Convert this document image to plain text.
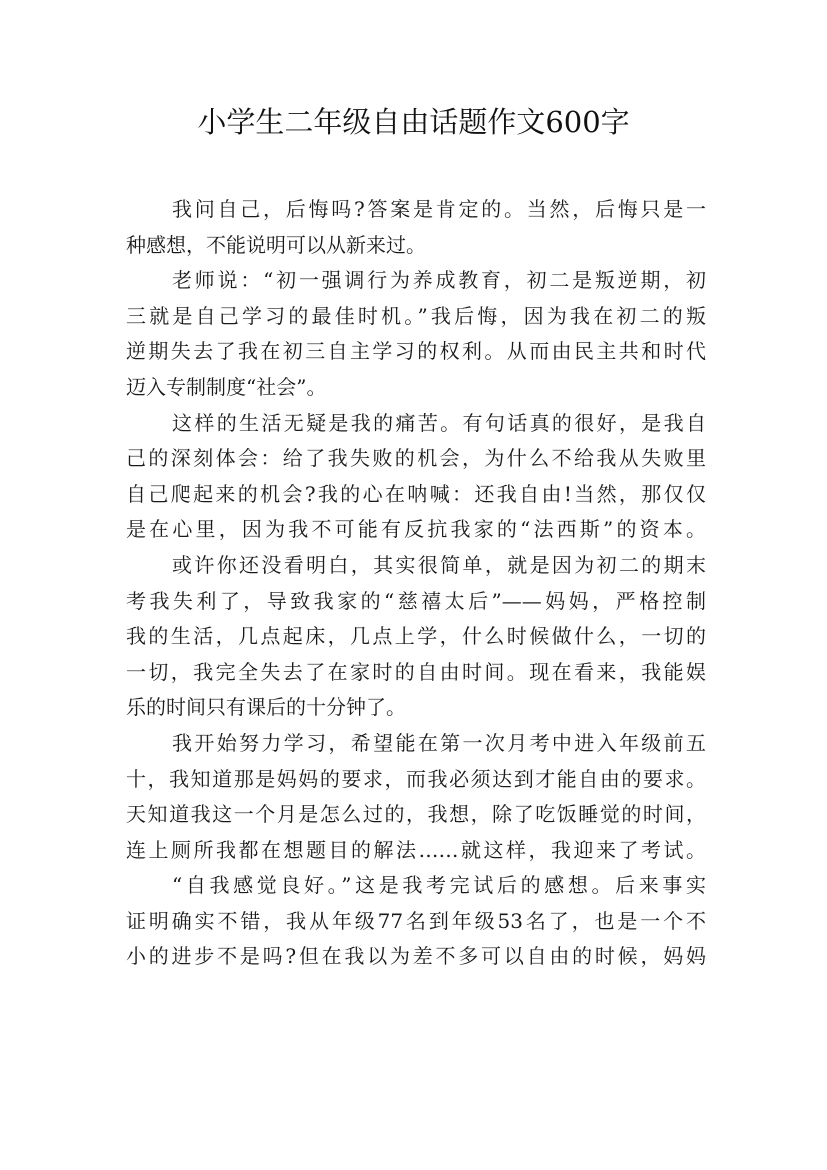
小学生二年级自由话题作文600字
我问自己，后悔吗?答案是肯定的。当然，后悔只是一
种感想，不能说明可以从新来过。
老师说：“初一强调行为养成教育，初二是叛逆期，初
三就是自己学习的最佳时机。”我后悔，因为我在初二的叛
逆期失去了我在初三自主学习的权利。从而由民主共和时代
迈入专制制度“社会”。
这样的生活无疑是我的痛苦。有句话真的很好，是我自
己的深刻体会：给了我失败的机会，为什么不给我从失败里
自己爬起来的机会?我的心在呐喊：还我自由!当然，那仅仅
是在心里，因为我不可能有反抗我家的“法西斯”的资本。
或许你还没看明白，其实很简单，就是因为初二的期末
考我失利了，导致我家的“慈禧太后”——妈妈，严格控制
我的生活，几点起床，几点上学，什么时候做什么，一切的
一切，我完全失去了在家时的自由时间。现在看来，我能娱
乐的时间只有课后的十分钟了。
我开始努力学习，希望能在第一次月考中进入年级前五
十，我知道那是妈妈的要求，而我必须达到才能自由的要求。
天知道我这一个月是怎么过的，我想，除了吃饭睡觉的时间，
连上厕所我都在想题目的解法……就这样，我迎来了考试。
“自我感觉良好。”这是我考完试后的感想。后来事实
证明确实不错，我从年级77名到年级53名了，也是一个不
小的进步不是吗?但在我以为差不多可以自由的时候，妈妈
